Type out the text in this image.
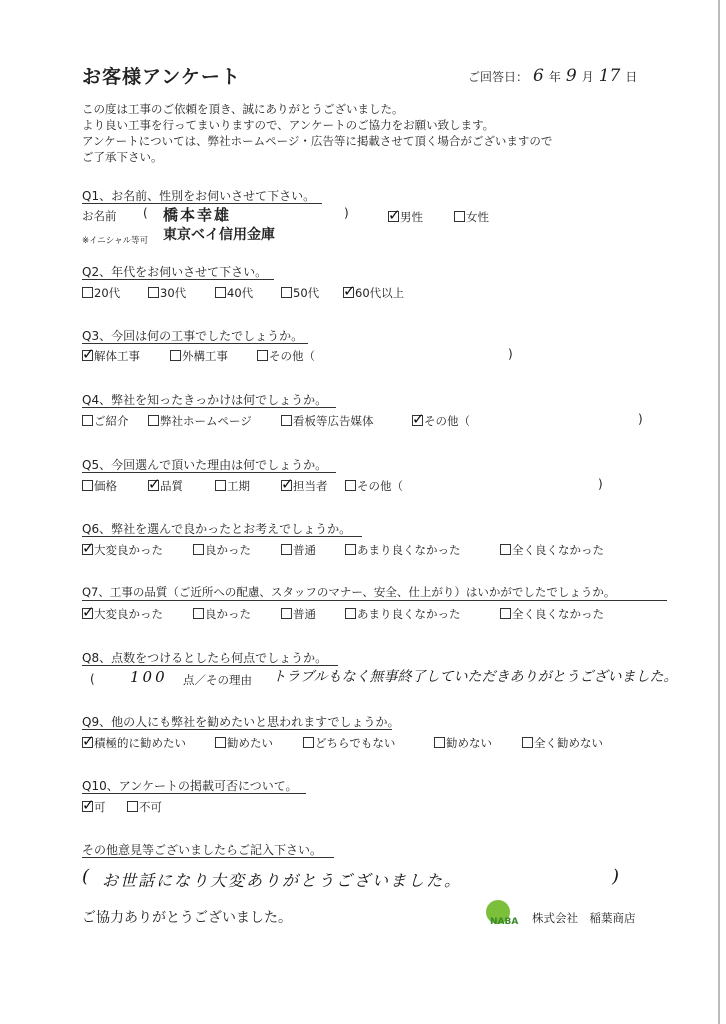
お客様アンケート	ご回答日： 6 年 9 月 17 日
この度は工事のご依頼を頂き、誠にありがとうございました。
より良い工事を行ってまいりますので、アンケートのご協力をお願い致します。
アンケートについては、弊社ホームページ・広告等に掲載させて頂く場合がございますので
ご了承下さい。
Q1、お名前、性別をお伺いさせて下さい。
お名前 ( 橋本幸雄	)
東京ベイ信用金庫
※イニシャル等可
✓ 男性	女性
Q2、年代をお伺いさせて下さい。
20代	30代	40代	50代 ✓ 60代以上
Q3、今回は何の工事でしたでしょうか。
✓ 解体工事	外構工事	その他（	)
Q4、弊社を知ったきっかけは何でしょうか。
ご紹介	弊社ホームページ	看板等広告媒体	✓ その他（	)
Q5、今回選んで頂いた理由は何でしょうか。
価格 ✓ 品質	工期 ✓ 担当者	その他（	)
Q6、弊社を選んで良かったとお考えでしょうか。
✓ 大変良かった	良かった	普通	あまり良くなかった	全く良くなかった
Q7、工事の品質（ご近所への配慮、スタッフのマナー、安全、仕上がり）はいかがでしたでしょうか。
✓ 大変良かった	良かった	普通	あまり良くなかった	全く良くなかった
Q8、点数をつけるとしたら何点でしょうか。
( 100 点／その理由 トラブルもなく無事終了していただきありがとうございました。
Q9、他の人にも弊社を勧めたいと思われますでしょうか。
✓ 積極的に勧めたい	勧めたい	どちらでもない	勧めない	全く勧めない
Q10、アンケートの掲載可否について。
✓ 可	不可
その他意見等ございましたらご記入下さい。
( お世話になり大変ありがとうございました。	)
ご協力ありがとうございました。	NABA 株式会社　稲葉商店
